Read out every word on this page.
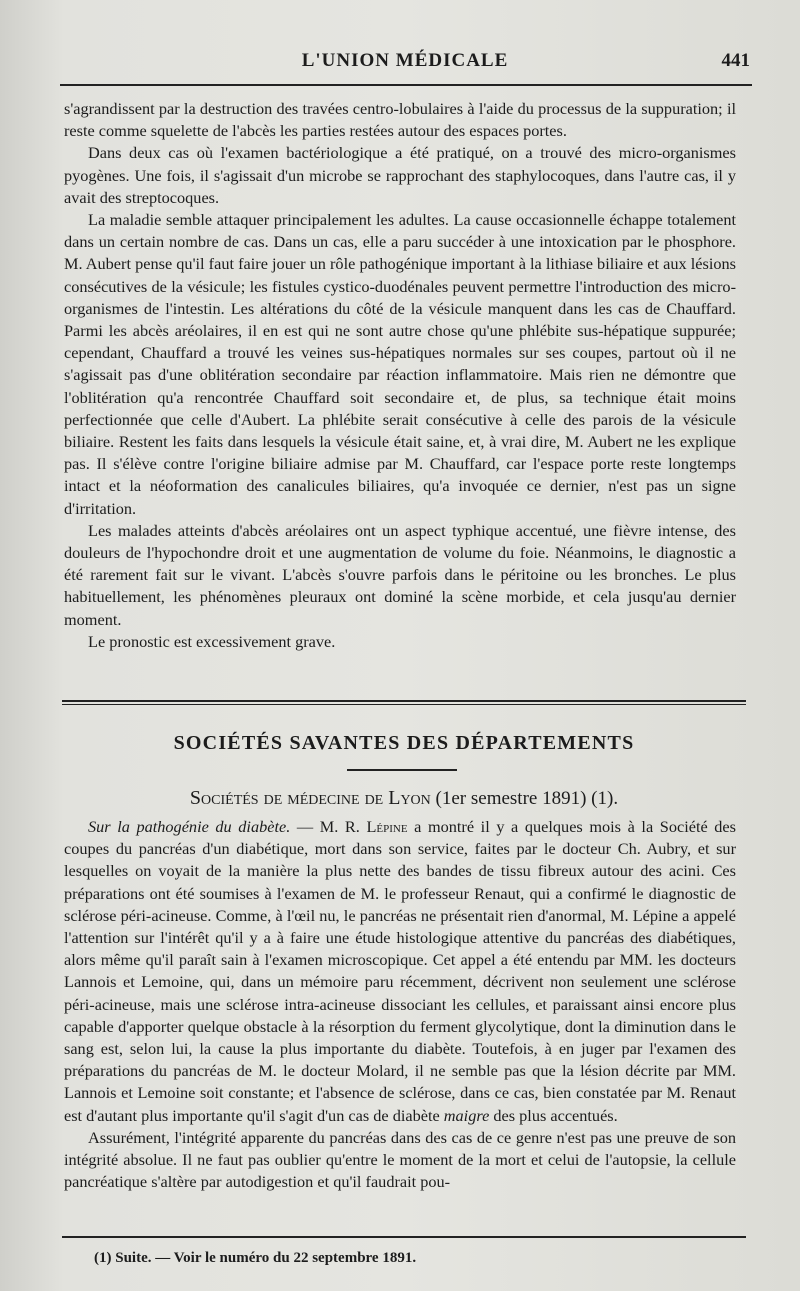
L'UNION MÉDICALE	441

s'agrandissent par la destruction des travées centro-lobulaires à l'aide du processus de la suppuration; il reste comme squelette de l'abcès les parties restées autour des espaces portes.

Dans deux cas où l'examen bactériologique a été pratiqué, on a trouvé des micro-organismes pyogènes. Une fois, il s'agissait d'un microbe se rapprochant des staphylocoques, dans l'autre cas, il y avait des streptocoques.

La maladie semble attaquer principalement les adultes. La cause occasionnelle échappe totalement dans un certain nombre de cas. Dans un cas, elle a paru succéder à une intoxication par le phosphore. M. Aubert pense qu'il faut faire jouer un rôle pathogénique important à la lithiase biliaire et aux lésions consécutives de la vésicule; les fistules cystico-duodénales peuvent permettre l'introduction des micro-organismes de l'intestin. Les altérations du côté de la vésicule manquent dans les cas de Chauffard. Parmi les abcès aréolaires, il en est qui ne sont autre chose qu'une phlébite sus-hépatique suppurée; cependant, Chauffard a trouvé les veines sus-hépatiques normales sur ses coupes, partout où il ne s'agissait pas d'une oblitération secondaire par réaction inflammatoire. Mais rien ne démontre que l'oblitération qu'a rencontrée Chauffard soit secondaire et, de plus, sa technique était moins perfectionnée que celle d'Aubert. La phlébite serait consécutive à celle des parois de la vésicule biliaire. Restent les faits dans lesquels la vésicule était saine, et, à vrai dire, M. Aubert ne les explique pas. Il s'élève contre l'origine biliaire admise par M. Chauffard, car l'espace porte reste longtemps intact et la néoformation des canalicules biliaires, qu'a invoquée ce dernier, n'est pas un signe d'irritation.

Les malades atteints d'abcès aréolaires ont un aspect typhique accentué, une fièvre intense, des douleurs de l'hypochondre droit et une augmentation de volume du foie. Néanmoins, le diagnostic a été rarement fait sur le vivant. L'abcès s'ouvre parfois dans le péritoine ou les bronches. Le plus habituellement, les phénomènes pleuraux ont dominé la scène morbide, et cela jusqu'au dernier moment.

Le pronostic est excessivement grave.

SOCIÉTÉS SAVANTES DES DÉPARTEMENTS
Sociétés de médecine de Lyon (1er semestre 1891) (1).

Sur la pathogénie du diabète. — M. R. Lépine a montré il y a quelques mois à la Société des coupes du pancréas d'un diabétique, mort dans son service, faites par le docteur Ch. Aubry, et sur lesquelles on voyait de la manière la plus nette des bandes de tissu fibreux autour des acini. Ces préparations ont été soumises à l'examen de M. le professeur Renaut, qui a confirmé le diagnostic de sclérose péri-acineuse. Comme, à l'œil nu, le pancréas ne présentait rien d'anormal, M. Lépine a appelé l'attention sur l'intérêt qu'il y a à faire une étude histologique attentive du pancréas des diabétiques, alors même qu'il paraît sain à l'examen microscopique. Cet appel a été entendu par MM. les docteurs Lannois et Lemoine, qui, dans un mémoire paru récemment, décrivent non seulement une sclérose péri-acineuse, mais une sclérose intra-acineuse dissociant les cellules, et paraissant ainsi encore plus capable d'apporter quelque obstacle à la résorption du ferment glycolytique, dont la diminution dans le sang est, selon lui, la cause la plus importante du diabète. Toutefois, à en juger par l'examen des préparations du pancréas de M. le docteur Molard, il ne semble pas que la lésion décrite par MM. Lannois et Lemoine soit constante; et l'absence de sclérose, dans ce cas, bien constatée par M. Renaut est d'autant plus importante qu'il s'agit d'un cas de diabète maigre des plus accentués.

Assurément, l'intégrité apparente du pancréas dans des cas de ce genre n'est pas une preuve de son intégrité absolue. Il ne faut pas oublier qu'entre le moment de la mort et celui de l'autopsie, la cellule pancréatique s'altère par autodigestion et qu'il faudrait pou-

(1) Suite. — Voir le numéro du 22 septembre 1891.
